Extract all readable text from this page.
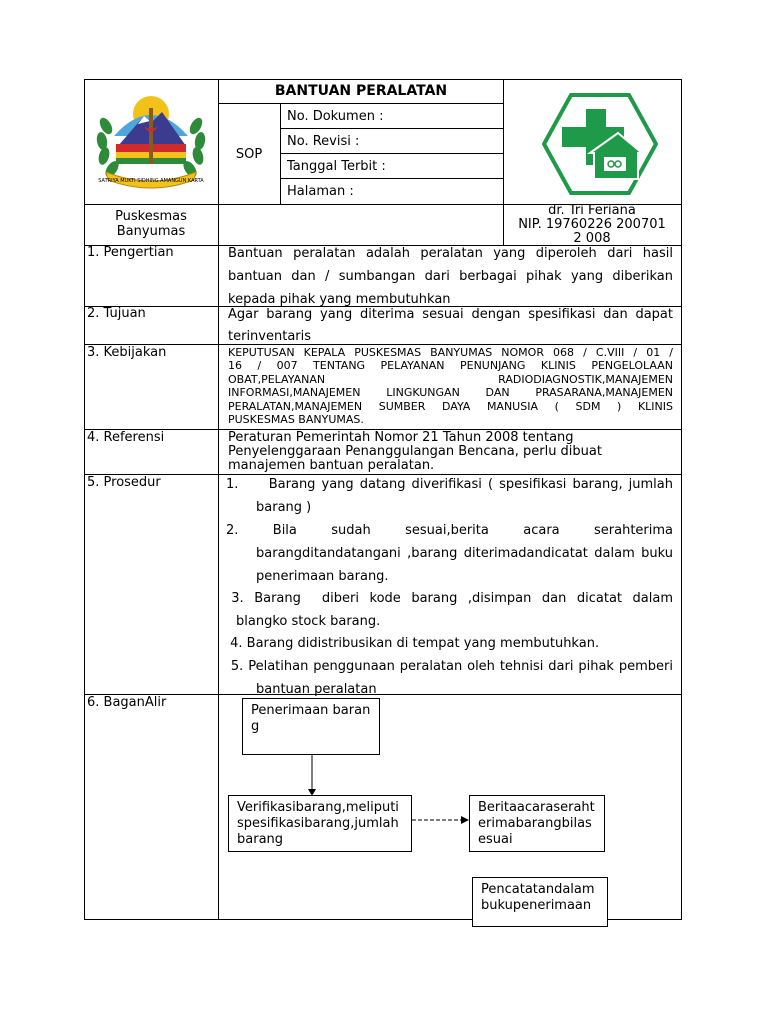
SATRIYA MUKTI SIDHING AMANGUN KARTA
BANTUAN PERALATAN
SOP
No. Dokumen :
No. Revisi :
Tanggal Terbit :
Halaman :
Puskesmas
Banyumas
dr. Tri Feriana
NIP. 19760226 200701
2 008
1. Pengertian	Bantuan peralatan adalah peralatan yang diperoleh dari hasil
bantuan dan / sumbangan dari berbagai pihak yang diberikan
kepada pihak yang membutuhkan
2. Tujuan	Agar barang yang diterima sesuai dengan spesifikasi dan dapat
terinventaris
3. Kebijakan	KEPUTUSAN KEPALA PUSKESMAS BANYUMAS NOMOR 068 / C.VIII / 01 /
16 / 007 TENTANG PELAYANAN PENUNJANG KLINIS PENGELOLAAN
OBAT,PELAYANAN RADIODIAGNOSTIK,MANAJEMEN
INFORMASI,MANAJEMEN LINGKUNGAN DAN PRASARANA,MANAJEMEN
PERALATAN,MANAJEMEN SUMBER DAYA MANUSIA ( SDM ) KLINIS
PUSKESMAS BANYUMAS.
4. Referensi	Peraturan Pemerintah Nomor 21 Tahun 2008 tentang
Penyelenggaraan Penanggulangan Bencana, perlu dibuat
manajemen bantuan peralatan.
5. Prosedur	1.     Barang yang datang diverifikasi ( spesifikasi barang, jumlah
barang )
2.      Bila      sudah      sesuai,berita      acara      serahterima
barangditandatangani ,barang diterimadandicatat dalam buku
penerimaan barang.
3.  Barang    diberi  kode  barang  ,disimpan  dan  dicatat  dalam
blangko stock barang.
4. Barang didistribusikan di tempat yang membutuhkan.
5. Pelatihan penggunaan peralatan oleh tehnisi dari pihak pemberi
bantuan peralatan
6. BaganAlir
Penerimaan barang
Verifikasibarang,meliputispesifikasibarang,jumlahbarang
Beritaacaraserahterimabarangbilasesuai
Pencatatandalambukupenerimaan
